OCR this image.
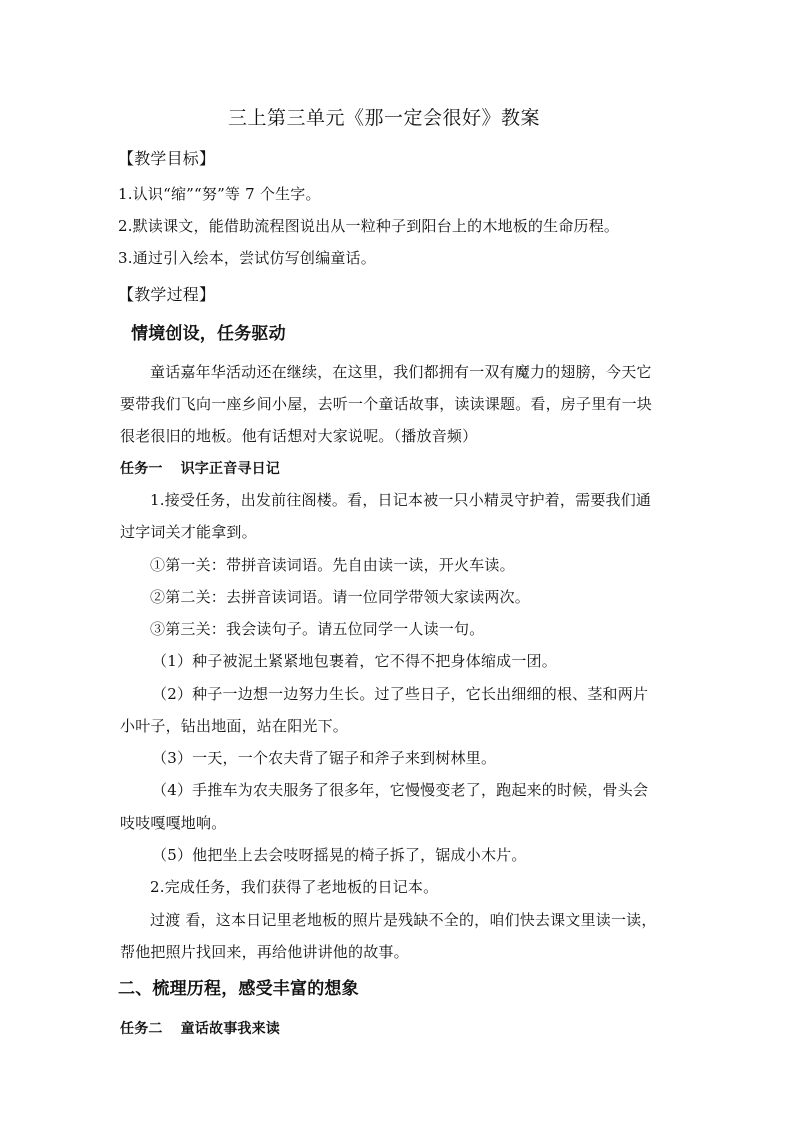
三上第三单元《那一定会很好》教案
【教学目标】
1.认识“缩”“努”等 7 个生字。
2.默读课文，能借助流程图说出从一粒种子到阳台上的木地板的生命历程。
3.通过引入绘本，尝试仿写创编童话。
【教学过程】
情境创设，任务驱动
童话嘉年华活动还在继续，在这里，我们都拥有一双有魔力的翅膀，今天它
要带我们飞向一座乡间小屋，去听一个童话故事，读读课题。看，房子里有一块
很老很旧的地板。他有话想对大家说呢。（播放音频）
任务一 识字正音寻日记
1.接受任务，出发前往阁楼。看，日记本被一只小精灵守护着，需要我们通
过字词关才能拿到。
①第一关：带拼音读词语。先自由读一读，开火车读。
②第二关：去拼音读词语。请一位同学带领大家读两次。
③第三关：我会读句子。请五位同学一人读一句。
（1）种子被泥土紧紧地包裹着，它不得不把身体缩成一团。
（2）种子一边想一边努力生长。过了些日子，它长出细细的根、茎和两片
小叶子，钻出地面，站在阳光下。
（3）一天，一个农夫背了锯子和斧子来到树林里。
（4）手推车为农夫服务了很多年，它慢慢变老了，跑起来的时候，骨头会
吱吱嘎嘎地响。
（5）他把坐上去会吱呀摇晃的椅子拆了，锯成小木片。
2.完成任务，我们获得了老地板的日记本。
过渡 看，这本日记里老地板的照片是残缺不全的，咱们快去课文里读一读，
帮他把照片找回来，再给他讲讲他的故事。
二、梳理历程，感受丰富的想象
任务二 童话故事我来读
